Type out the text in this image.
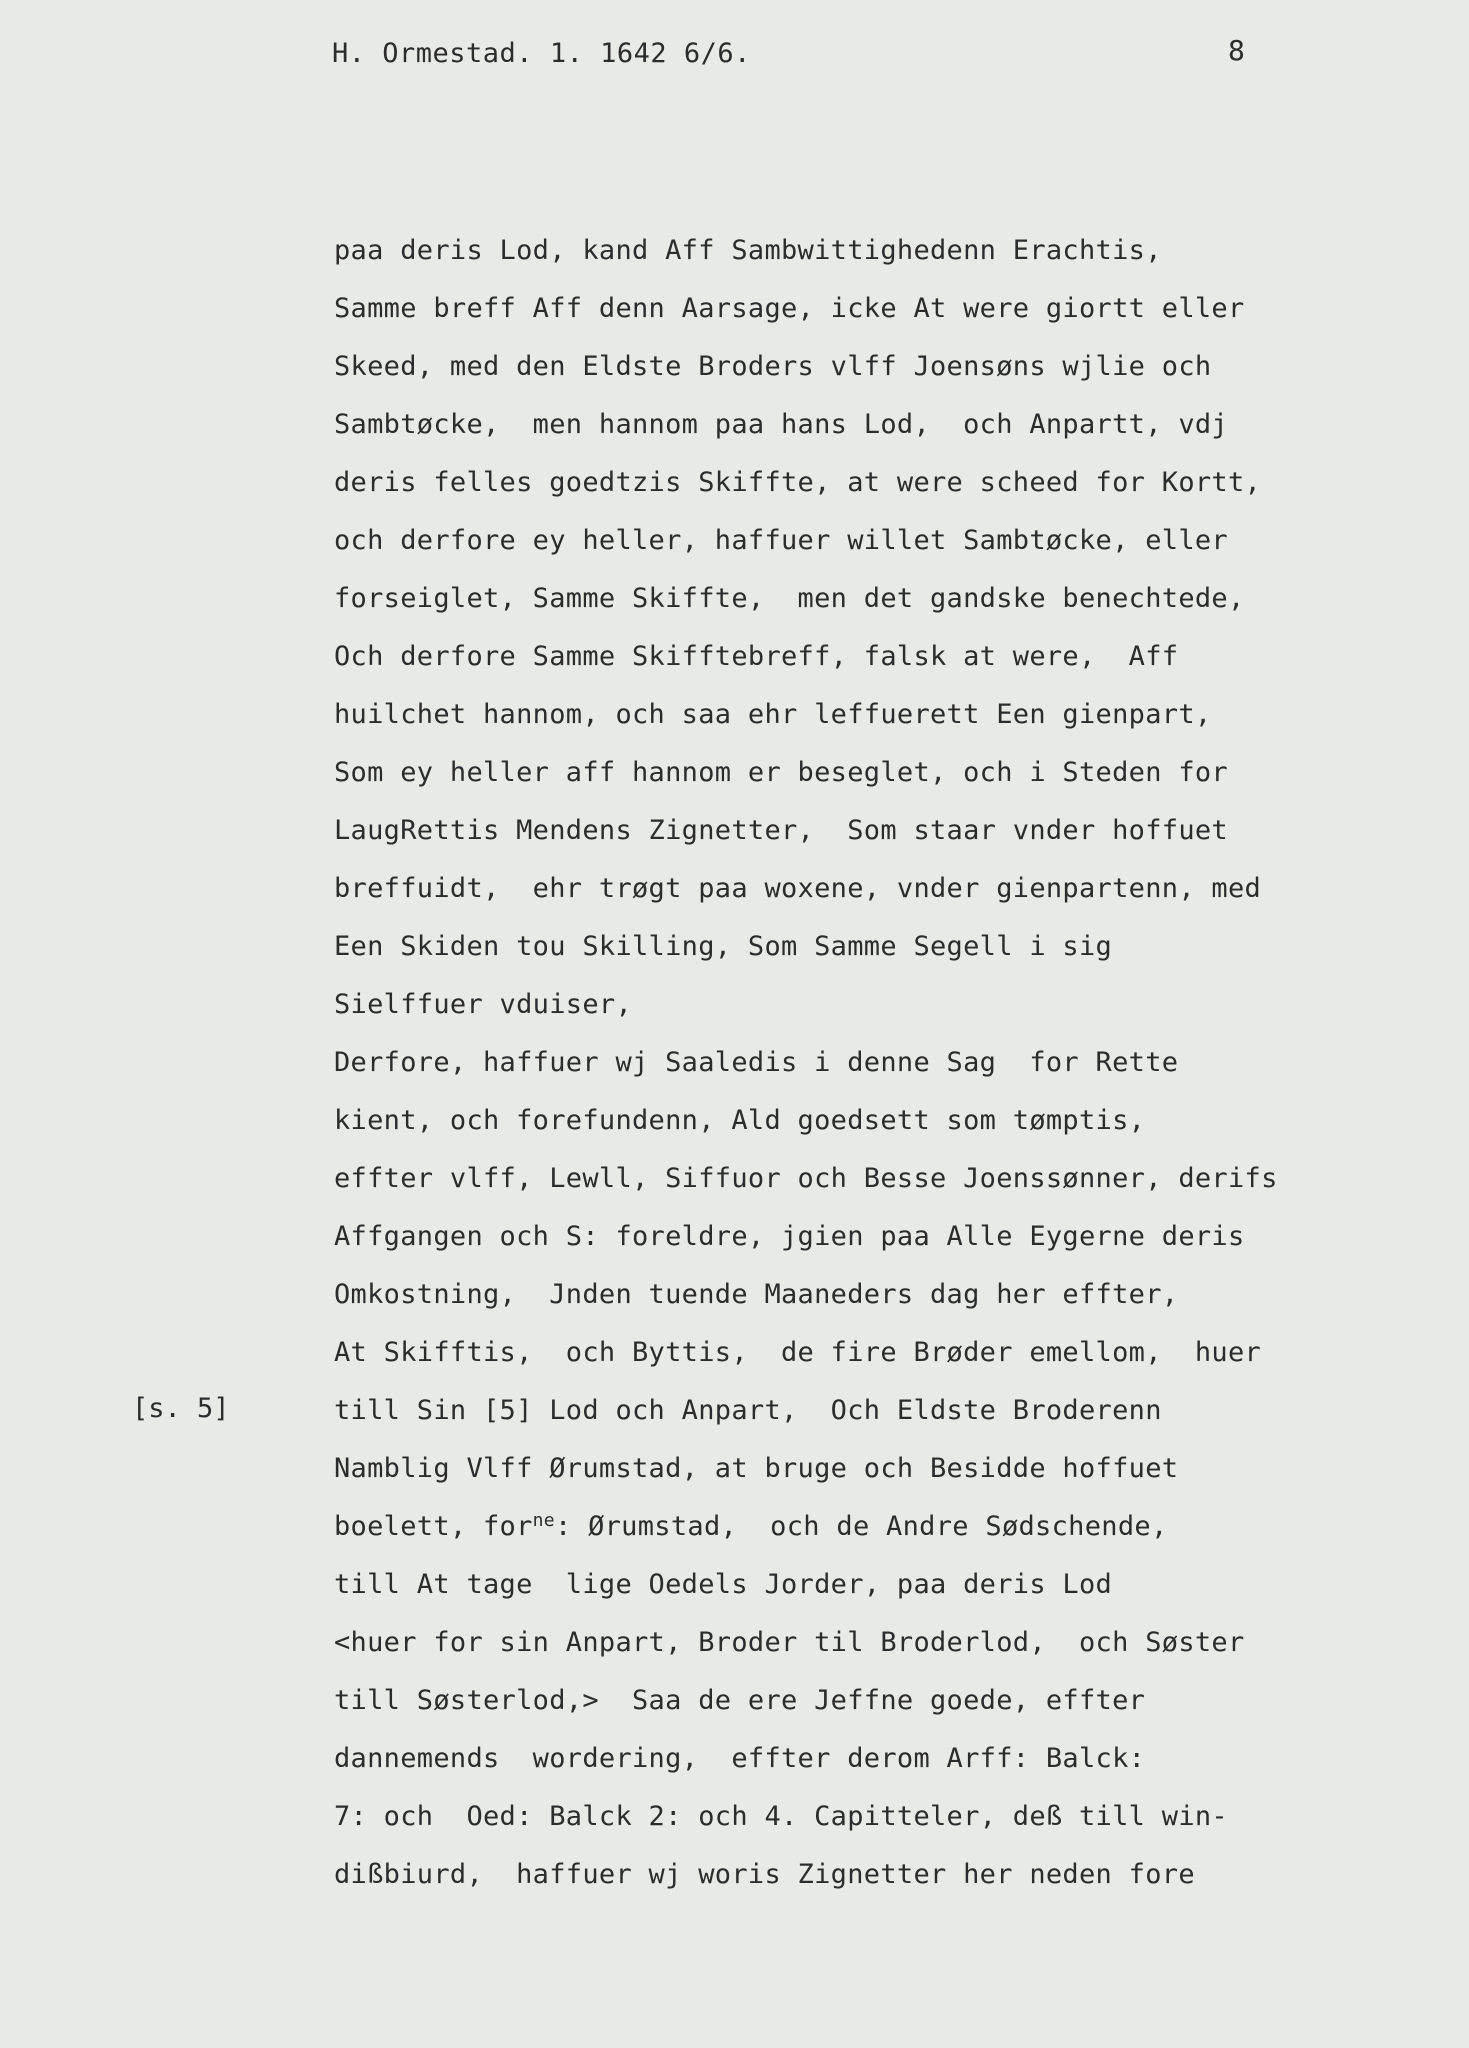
H. Ormestad. 1. 1642 6/6.	8
[s. 5]
paa deris Lod, kand Aff Sambwittighedenn Erachtis,
Samme breff Aff denn Aarsage, icke At were giortt eller
Skeed, med den Eldste Broders vlff Joensøns wjlie och
Sambtøcke,  men hannom paa hans Lod,  och Anpartt, vdj
deris felles goedtzis Skiffte, at were scheed for Kortt,
och derfore ey heller, haffuer willet Sambtøcke, eller
forseiglet, Samme Skiffte,  men det gandske benechtede,
Och derfore Samme Skifftebreff, falsk at were,  Aff
huilchet hannom, och saa ehr leffuerett Een gienpart,
Som ey heller aff hannom er beseglet, och i Steden for
LaugRettis Mendens Zignetter,  Som staar vnder hoffuet
breffuidt,  ehr trøgt paa woxene, vnder gienpartenn, med
Een Skiden tou Skilling, Som Samme Segell i sig
Sielffuer vduiser,
Derfore, haffuer wj Saaledis i denne Sag  for Rette
kient, och forefundenn, Ald goedsett som tømptis,
effter vlff, Lewll, Siffuor och Besse Joenssønner, derifs
Affgangen och S: foreldre, jgien paa Alle Eygerne deris
Omkostning,  Jnden tuende Maaneders dag her effter,
At Skifftis,  och Byttis,  de fire Brøder emellom,  huer
till Sin [5] Lod och Anpart,  Och Eldste Broderenn
Namblig Vlff Ørumstad, at bruge och Besidde hoffuet
boelett, for$^{ne}$: Ørumstad,  och de Andre Sødschende,
till At tage  lige Oedels Jorder, paa deris Lod
<huer for sin Anpart, Broder til Broderlod,  och Søster
till Søsterlod,>  Saa de ere Jeffne goede, effter
dannemends  wordering,  effter derom Arff: Balck:
7: och  Oed: Balck 2: och 4. Capitteler, deß till win-
dißbiurd,  haffuer wj woris Zignetter her neden fore
